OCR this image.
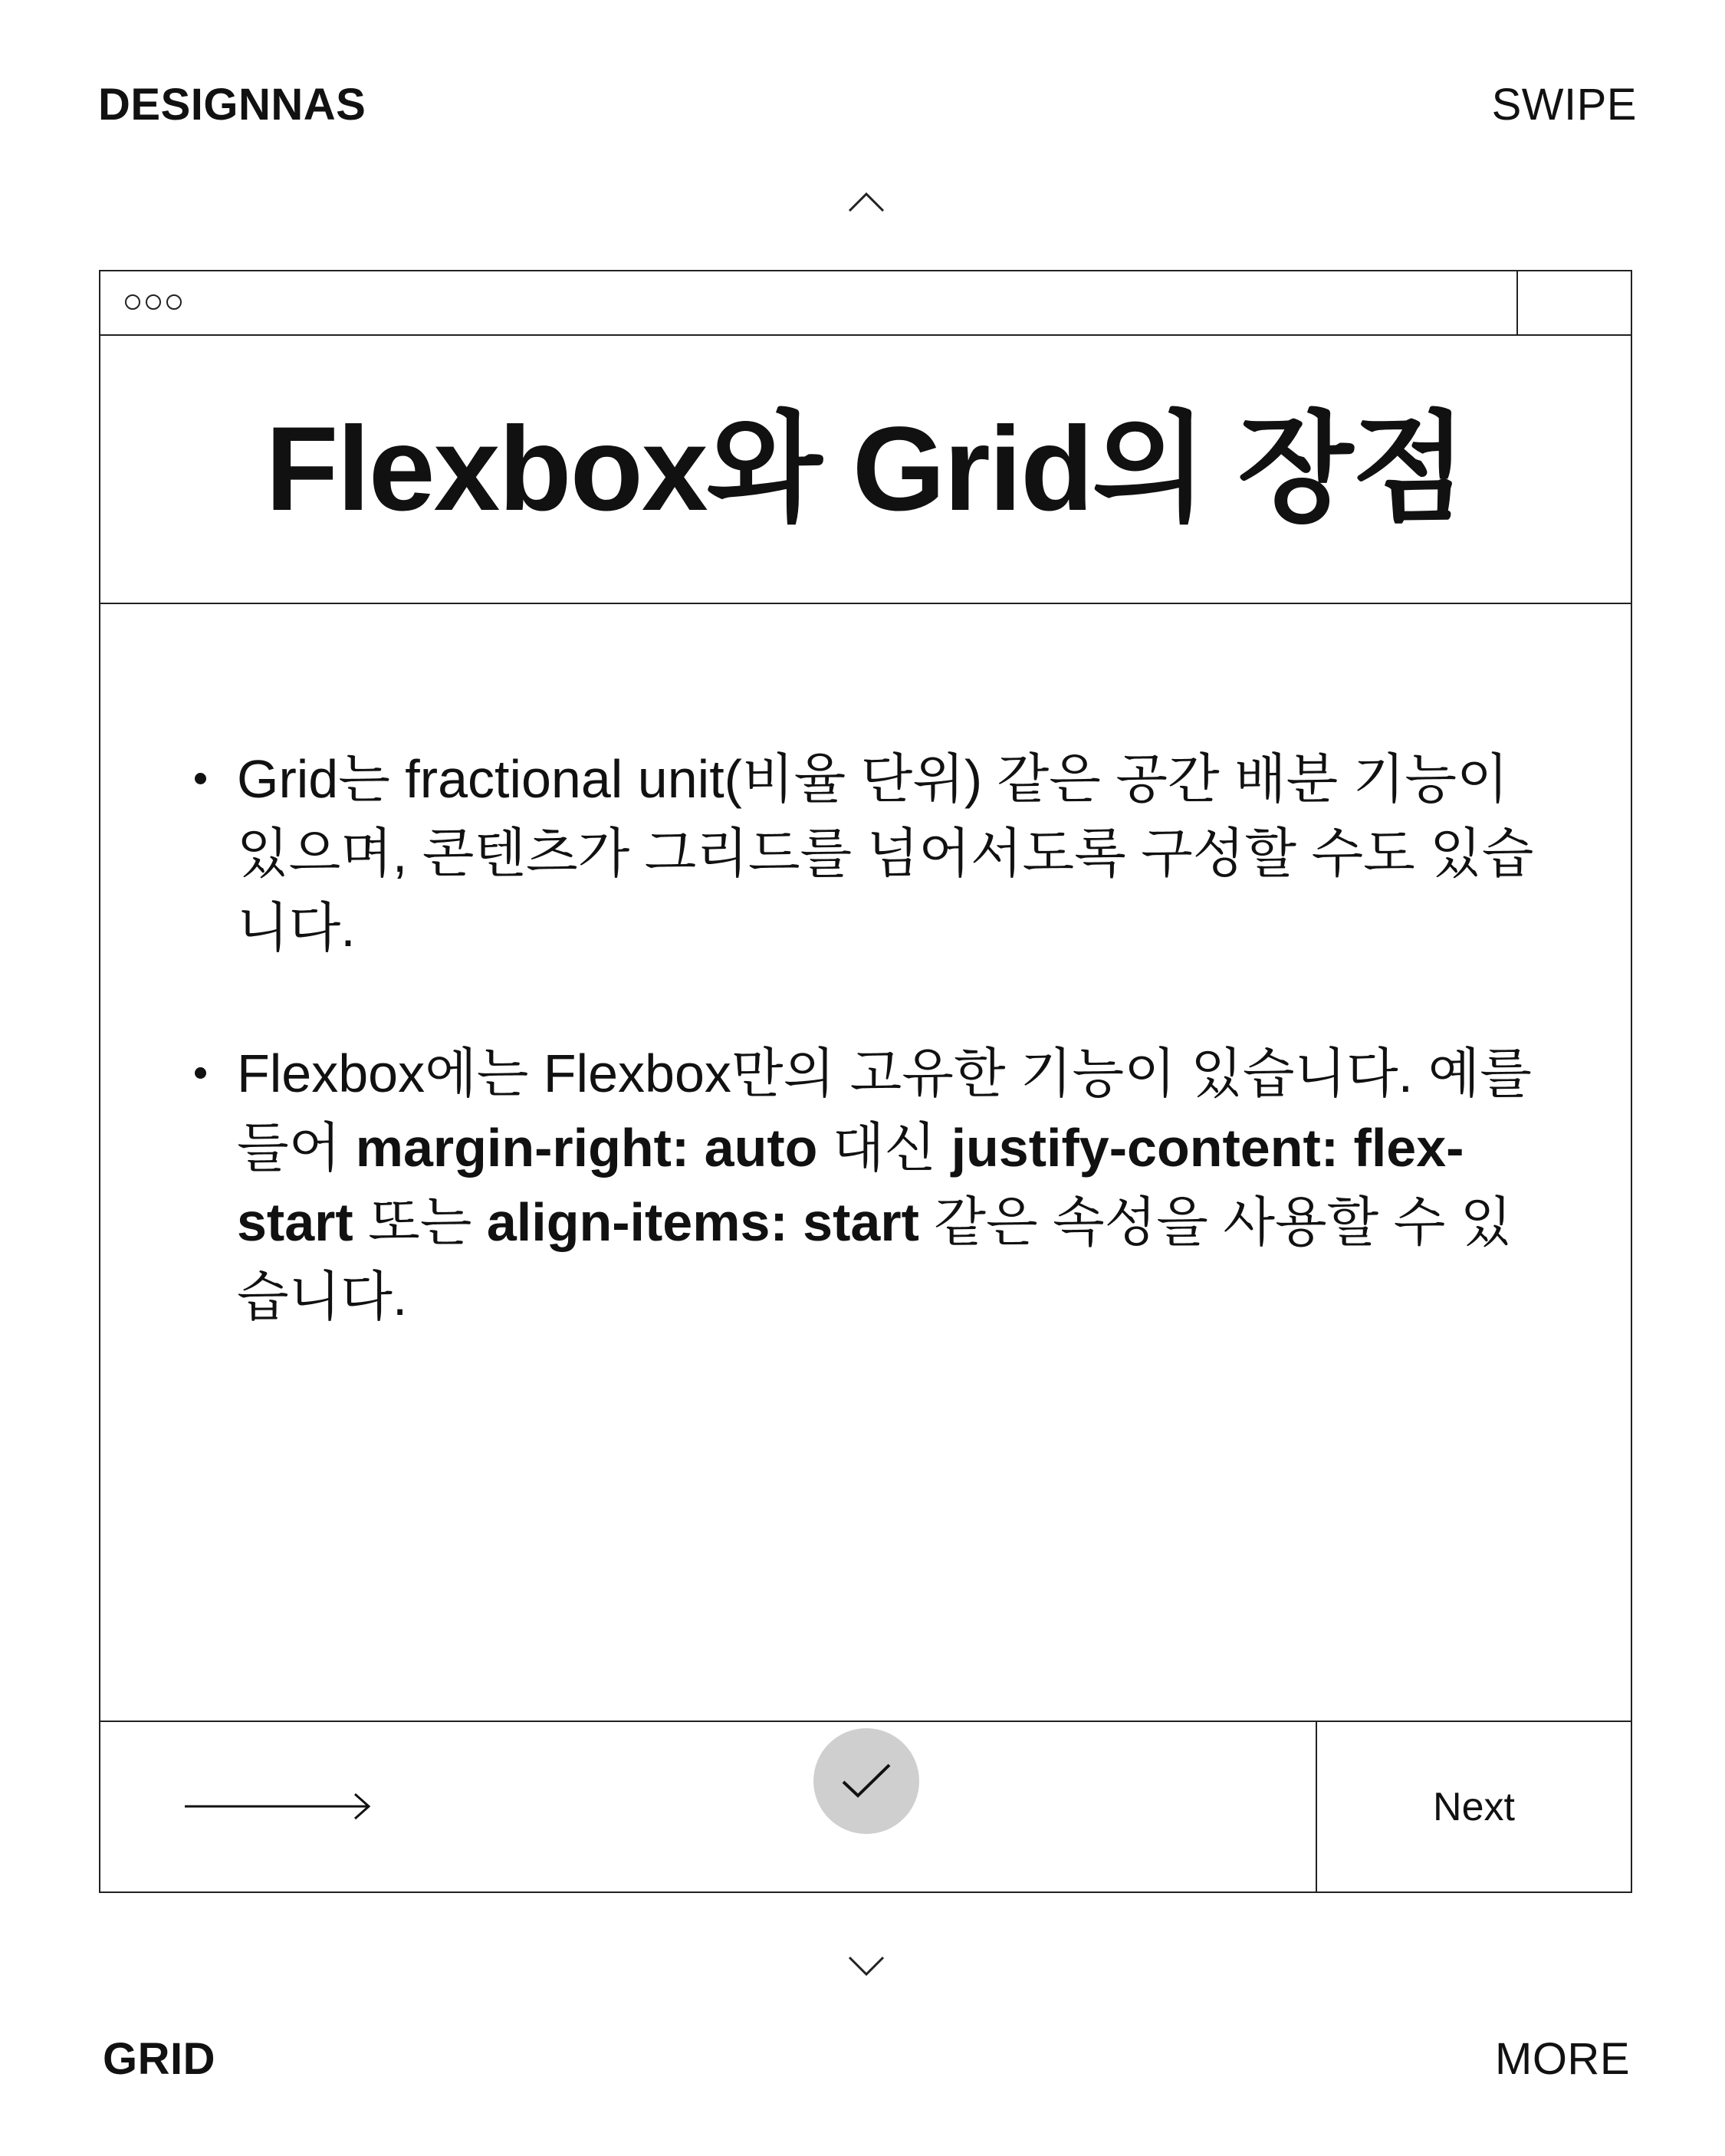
DESIGNNAS	SWIPE
Flexbox와 Grid의 장점
Grid는 fractional unit(비율 단위) 같은 공간 배분 기능이 있으며, 콘텐츠가 그리드를 넘어서도록 구성할 수도 있습니다.
Flexbox에는 Flexbox만의 고유한 기능이 있습니다. 예를 들어 margin-right: auto 대신 justify-content: flex-start 또는 align-items: start 같은 속성을 사용할 수 있습니다.
Next
GRID	MORE
